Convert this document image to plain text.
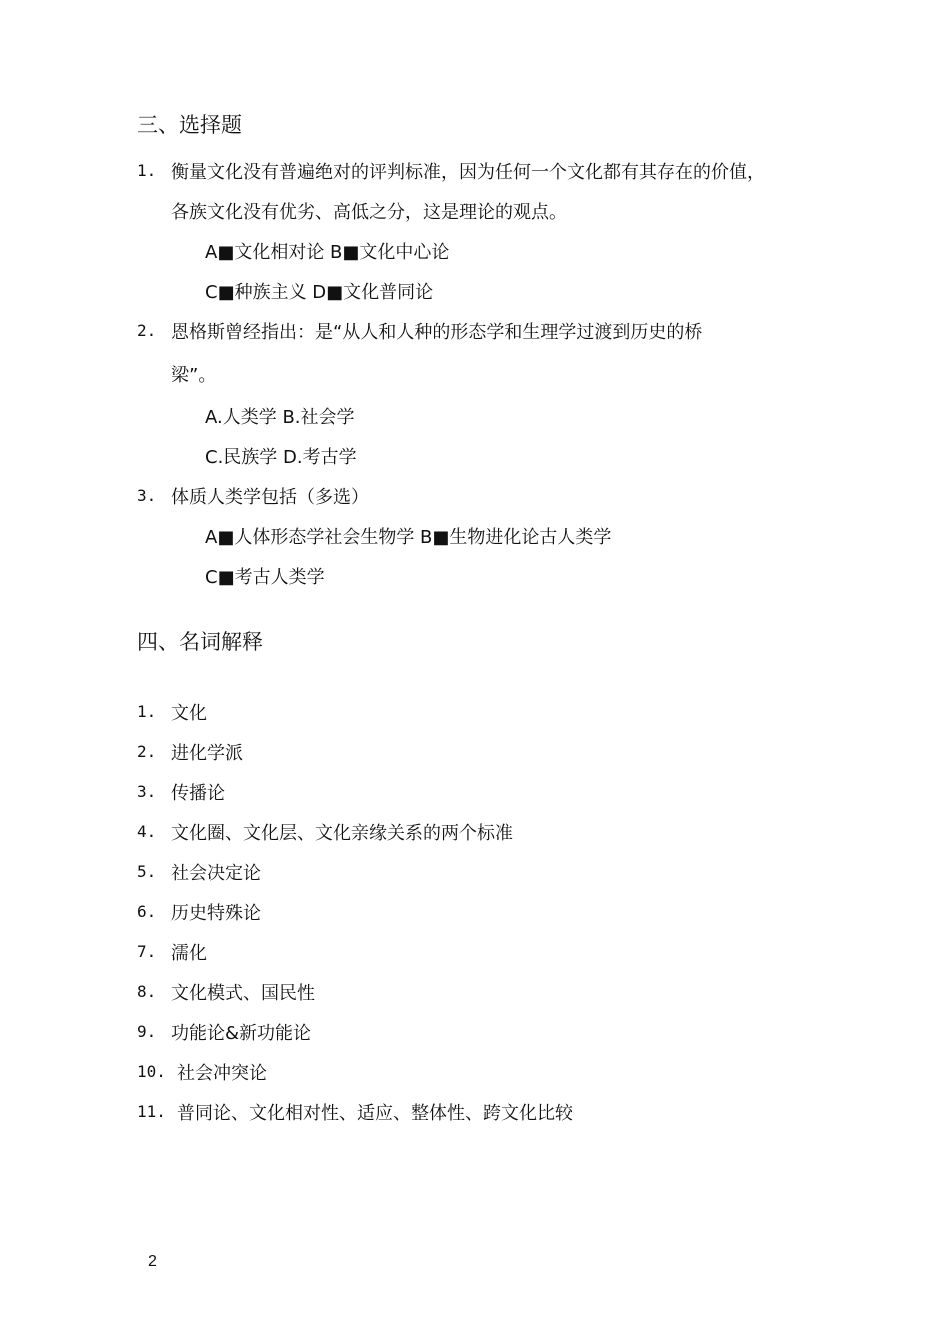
三、选择题
1. 衡量文化没有普遍绝对的评判标准，因为任何一个文化都有其存在的价值，
各族文化没有优劣、高低之分，这是理论的观点。
A■文化相对论 B■文化中心论
C■种族主义 D■文化普同论
2. 恩格斯曾经指出：是“从人和人种的形态学和生理学过渡到历史的桥
梁”。
A.人类学 B.社会学
C.民族学 D.考古学
3. 体质人类学包括（多选）
A■人体形态学社会生物学 B■生物进化论古人类学
C■考古人类学
四、名词解释
1. 文化
2. 进化学派
3. 传播论
4. 文化圈、文化层、文化亲缘关系的两个标准
5. 社会决定论
6. 历史特殊论
7. 濡化
8. 文化模式、国民性
9. 功能论&新功能论
10. 社会冲突论
11. 普同论、文化相对性、适应、整体性、跨文化比较
2
